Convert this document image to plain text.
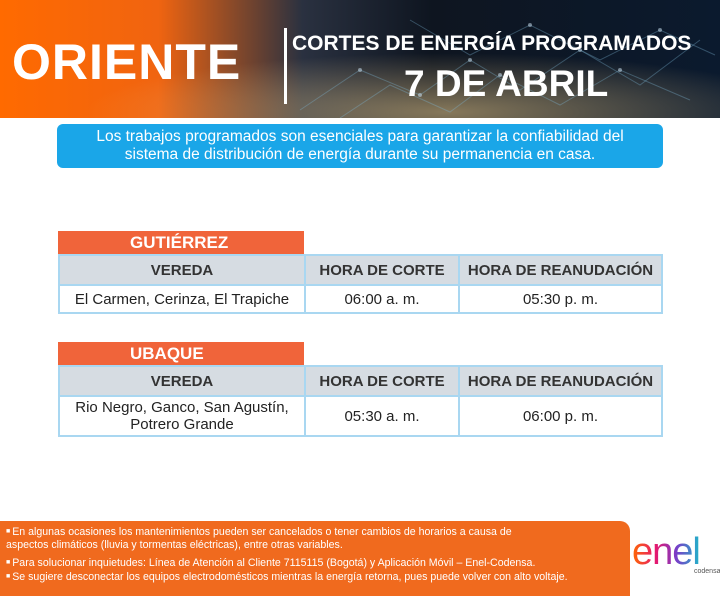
ORIENTE CORTES DE ENERGÍA PROGRAMADOS
7 DE ABRIL
Los trabajos programados son esenciales para garantizar la confiabilidad del
sistema de distribución de energía durante su permanencia en casa.
GUTIÉRREZ
VEREDA	HORA DE CORTE	HORA DE REANUDACIÓN
El Carmen, Cerinza, El Trapiche	06:00 a. m.	05:30 p. m.
UBAQUE
VEREDA	HORA DE CORTE	HORA DE REANUDACIÓN

Rio Negro, Ganco, San Agustín,
Potrero Grande	05:30 a. m.	06:00 p. m.
■ En algunas ocasiones los mantenimientos pueden ser cancelados o tener cambios de horarios a causa de
aspectos climáticos (lluvia y tormentas eléctricas), entre otras variables.
■ Para solucionar inquietudes: Línea de Atención al Cliente 7115115 (Bogotá) y Aplicación Móvil – Enel-Codensa.
■ Se sugiere desconectar los equipos electrodomésticos mientras la energía retorna, pues puede volver con alto voltaje.
enel
codensa
